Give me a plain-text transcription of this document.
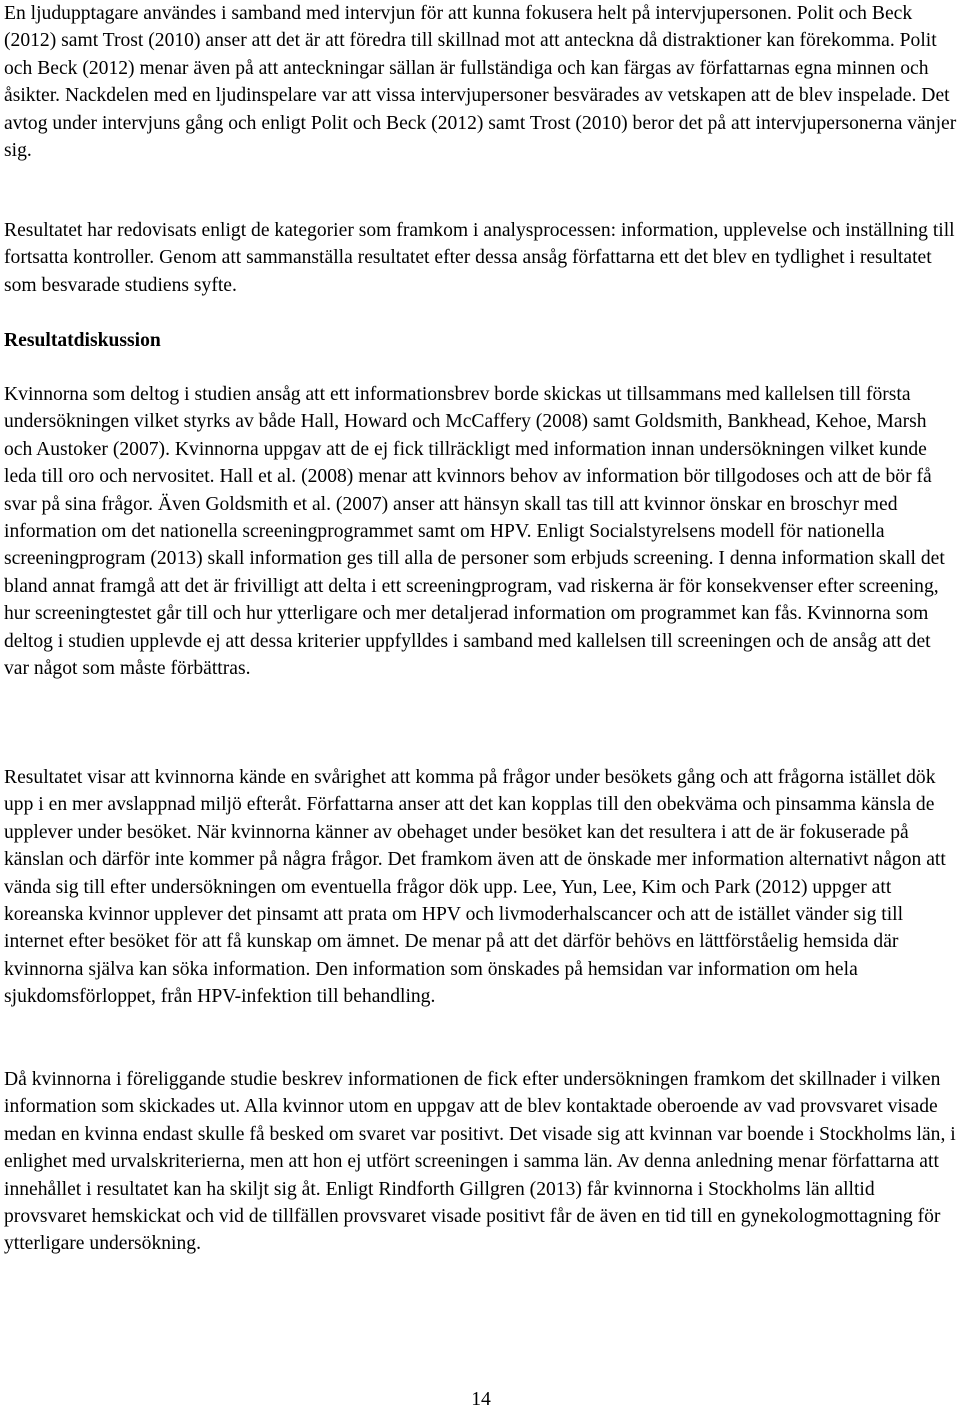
En ljudupptagare användes i samband med intervjun för att kunna fokusera helt på intervjupersonen. Polit och Beck (2012) samt Trost (2010) anser att det är att föredra till skillnad mot att anteckna då distraktioner kan förekomma. Polit och Beck (2012) menar även på att anteckningar sällan är fullständiga och kan färgas av författarnas egna minnen och åsikter. Nackdelen med en ljudinspelare var att vissa intervjupersoner besvärades av vetskapen att de blev inspelade. Det avtog under intervjuns gång och enligt Polit och Beck (2012) samt Trost (2010) beror det på att intervjupersonerna vänjer sig.

Resultatet har redovisats enligt de kategorier som framkom i analysprocessen: information, upplevelse och inställning till fortsatta kontroller. Genom att sammanställa resultatet efter dessa ansåg författarna ett det blev en tydlighet i resultatet som besvarade studiens syfte.

Resultatdiskussion

Kvinnorna som deltog i studien ansåg att ett informationsbrev borde skickas ut tillsammans med kallelsen till första undersökningen vilket styrks av både Hall, Howard och McCaffery (2008) samt Goldsmith, Bankhead, Kehoe, Marsh och Austoker (2007). Kvinnorna uppgav att de ej fick tillräckligt med information innan undersökningen vilket kunde leda till oro och nervositet. Hall et al. (2008) menar att kvinnors behov av information bör tillgodoses och att de bör få svar på sina frågor. Även Goldsmith et al. (2007) anser att hänsyn skall tas till att kvinnor önskar en broschyr med information om det nationella screeningprogrammet samt om HPV. Enligt Socialstyrelsens modell för nationella screeningprogram (2013) skall information ges till alla de personer som erbjuds screening. I denna information skall det bland annat framgå att det är frivilligt att delta i ett screeningprogram, vad riskerna är för konsekvenser efter screening, hur screeningtestet går till och hur ytterligare och mer detaljerad information om programmet kan fås. Kvinnorna som deltog i studien upplevde ej att dessa kriterier uppfylldes i samband med kallelsen till screeningen och de ansåg att det var något som måste förbättras.

Resultatet visar att kvinnorna kände en svårighet att komma på frågor under besökets gång och att frågorna istället dök upp i en mer avslappnad miljö efteråt. Författarna anser att det kan kopplas till den obekväma och pinsamma känsla de upplever under besöket. När kvinnorna känner av obehaget under besöket kan det resultera i att de är fokuserade på känslan och därför inte kommer på några frågor. Det framkom även att de önskade mer information alternativt någon att vända sig till efter undersökningen om eventuella frågor dök upp. Lee, Yun, Lee, Kim och Park (2012) uppger att koreanska kvinnor upplever det pinsamt att prata om HPV och livmoderhalscancer och att de istället vänder sig till internet efter besöket för att få kunskap om ämnet. De menar på att det därför behövs en lättförståelig hemsida där kvinnorna själva kan söka information. Den information som önskades på hemsidan var information om hela sjukdomsförloppet, från HPV-infektion till behandling.

Då kvinnorna i föreliggande studie beskrev informationen de fick efter undersökningen framkom det skillnader i vilken information som skickades ut. Alla kvinnor utom en uppgav att de blev kontaktade oberoende av vad provsvaret visade medan en kvinna endast skulle få besked om svaret var positivt. Det visade sig att kvinnan var boende i Stockholms län, i enlighet med urvalskriterierna, men att hon ej utfört screeningen i samma län. Av denna anledning menar författarna att innehållet i resultatet kan ha skiljt sig åt. Enligt Rindforth Gillgren (2013) får kvinnorna i Stockholms län alltid provsvaret hemskickat och vid de tillfällen provsvaret visade positivt får de även en tid till en gynekologmottagning för ytterligare undersökning.

14
